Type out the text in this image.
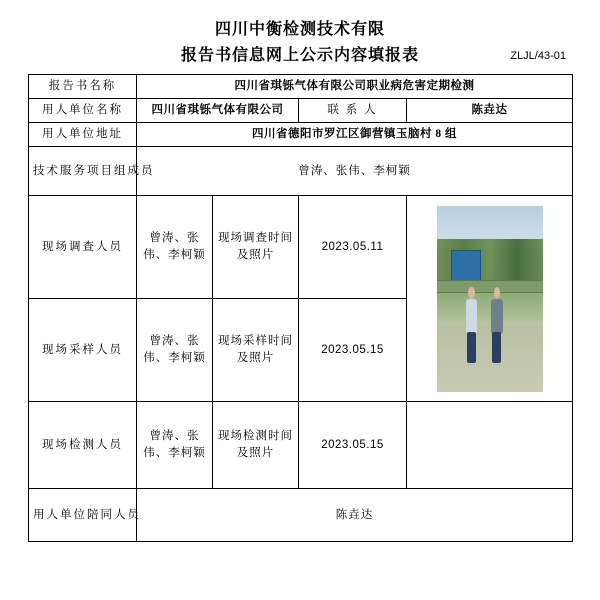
四川中衡检测技术有限
报告书信息网上公示内容填报表	ZLJL/43-01
报告书名称	四川省琪铄气体有限公司职业病危害定期检测			
用人单位名称	四川省琪铄气体有限公司		联 系 人	陈垚达
用人单位地址	四川省德阳市罗江区御营镇玉脑村 8 组			
技术服务项目组成员	曾涛、张伟、李柯颖			
现场调查人员	曾涛、张伟、李柯颖	现场调查时间及照片	2023.05.11	

现场采样人员	曾涛、张伟、李柯颖	现场采样时间及照片	2023.05.15	
现场检测人员	曾涛、张伟、李柯颖	现场检测时间及照片	2023.05.15	
用人单位陪同人员	陈垚达			
